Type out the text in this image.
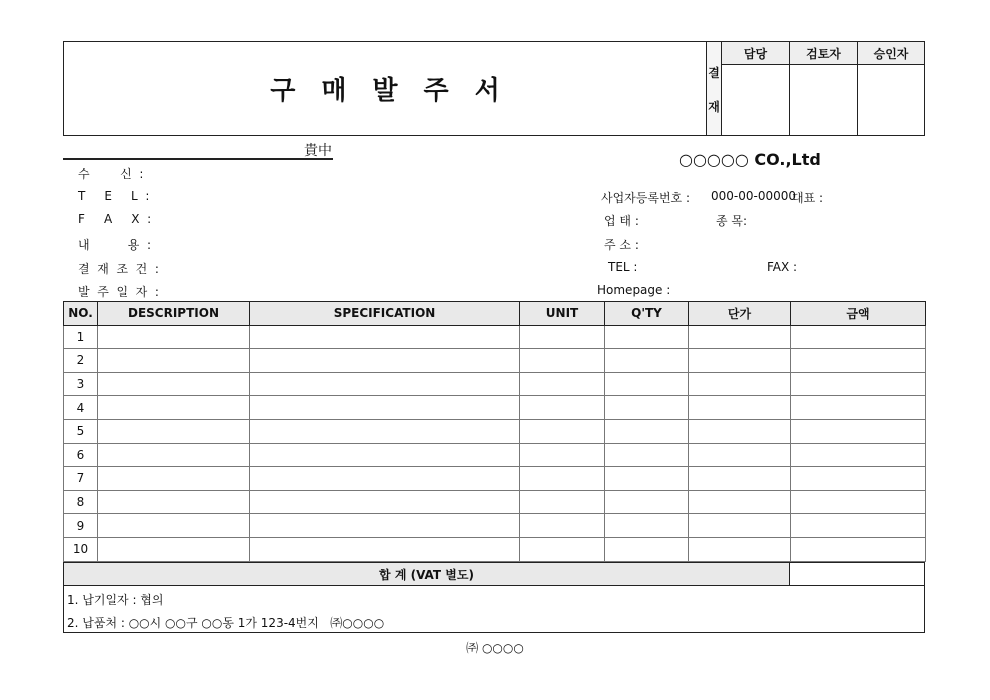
구매발주서
결
재
담당	검토자	승인자
貴中
수        신  :
T     E     L  :
F     A     X  :
내          용  :
결  재  조  건  :
발  주  일  자  :
○○○○○ CO.,Ltd
사업자등록번호 : 000-00-00000
대표 :
업 태 :	종 목:
주 소 :
TEL :	FAX :
Homepage :
NO.	DESCRIPTION	SPECIFICATION	UNIT	Q'TY	단가	금액
1						
2						
3						
4						
5						
6						
7						
8						
9						
10						
합 계 (VAT 별도)
1. 납기일자 : 협의
2. 납품처 : ○○시 ○○구 ○○동 1가 123-4번지   ㈜○○○○
㈜ ○○○○
